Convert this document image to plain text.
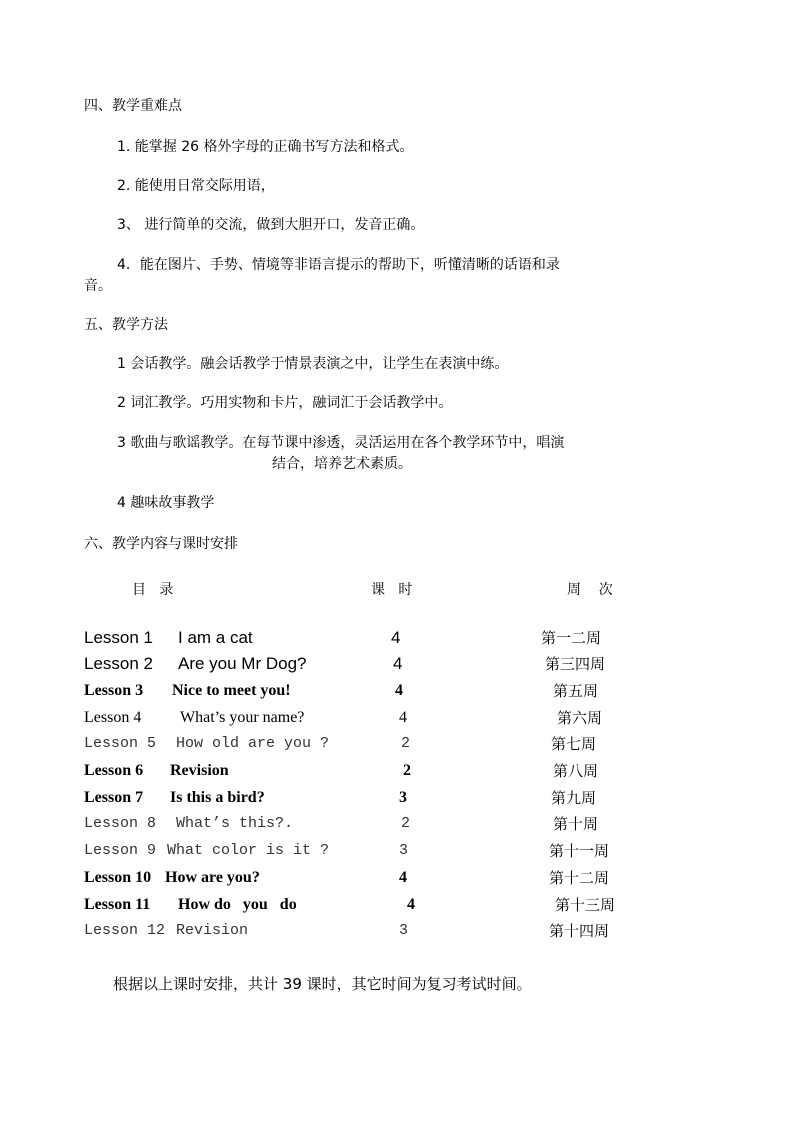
四、教学重难点
1. 能掌握 26 格外字母的正确书写方法和格式。
2. 能使用日常交际用语，
3、 进行简单的交流，做到大胆开口，发音正确。
4．能在图片、手势、情境等非语言提示的帮助下，听懂清晰的话语和录
音。
五、教学方法
1 会话教学。融会话教学于情景表演之中，让学生在表演中练。
2 词汇教学。巧用实物和卡片，融词汇于会话教学中。
3 歌曲与歌谣教学。在每节课中渗透，灵活运用在各个教学环节中，唱演
结合，培养艺术素质。
4 趣味故事教学
六、教学内容与课时安排
目   录	课   时	周    次
Lesson 1 I am a cat	4	第一二周
Lesson 2 Are you Mr Dog?	4	第三四周
Lesson 3 Nice to meet you!	4	第五周
Lesson 4 What’s your name?	4	第六周
Lesson 5 How old are you ?	2	第七周
Lesson 6 Revision	2	第八周
Lesson 7 Is this a bird?	3	第九周
Lesson 8 What’s this?.	2	第十周
Lesson 9 What color is it ?	3	第十一周
Lesson 10 How are you?	4	第十二周
Lesson 11 How do   you   do	4	第十三周
Lesson 12 Revision	3	第十四周
根据以上课时安排，共计 39 课时，其它时间为复习考试时间。
